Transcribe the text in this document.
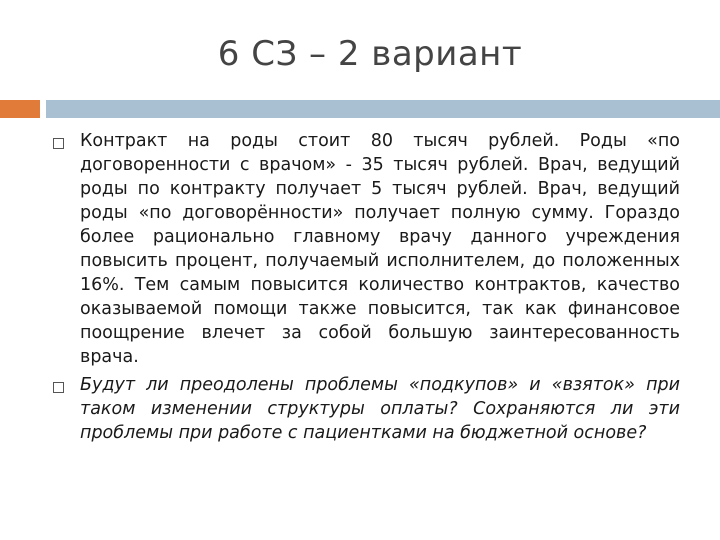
6 СЗ – 2 вариант
Контракт на роды стоит 80 тысяч рублей. Роды «по договоренности с врачом» - 35 тысяч рублей. Врач, ведущий роды по контракту получает 5 тысяч рублей. Врач, ведущий роды «по договорённости» получает полную сумму. Гораздо более рационально главному врачу данного учреждения повысить процент, получаемый исполнителем, до положенных 16%. Тем самым повысится количество контрактов, качество оказываемой помощи также повысится, так как финансовое поощрение влечет за собой большую заинтересованность врача.
Будут ли преодолены проблемы «подкупов» и «взяток» при таком изменении структуры оплаты? Сохраняются ли эти проблемы при работе с пациентками на бюджетной основе?
